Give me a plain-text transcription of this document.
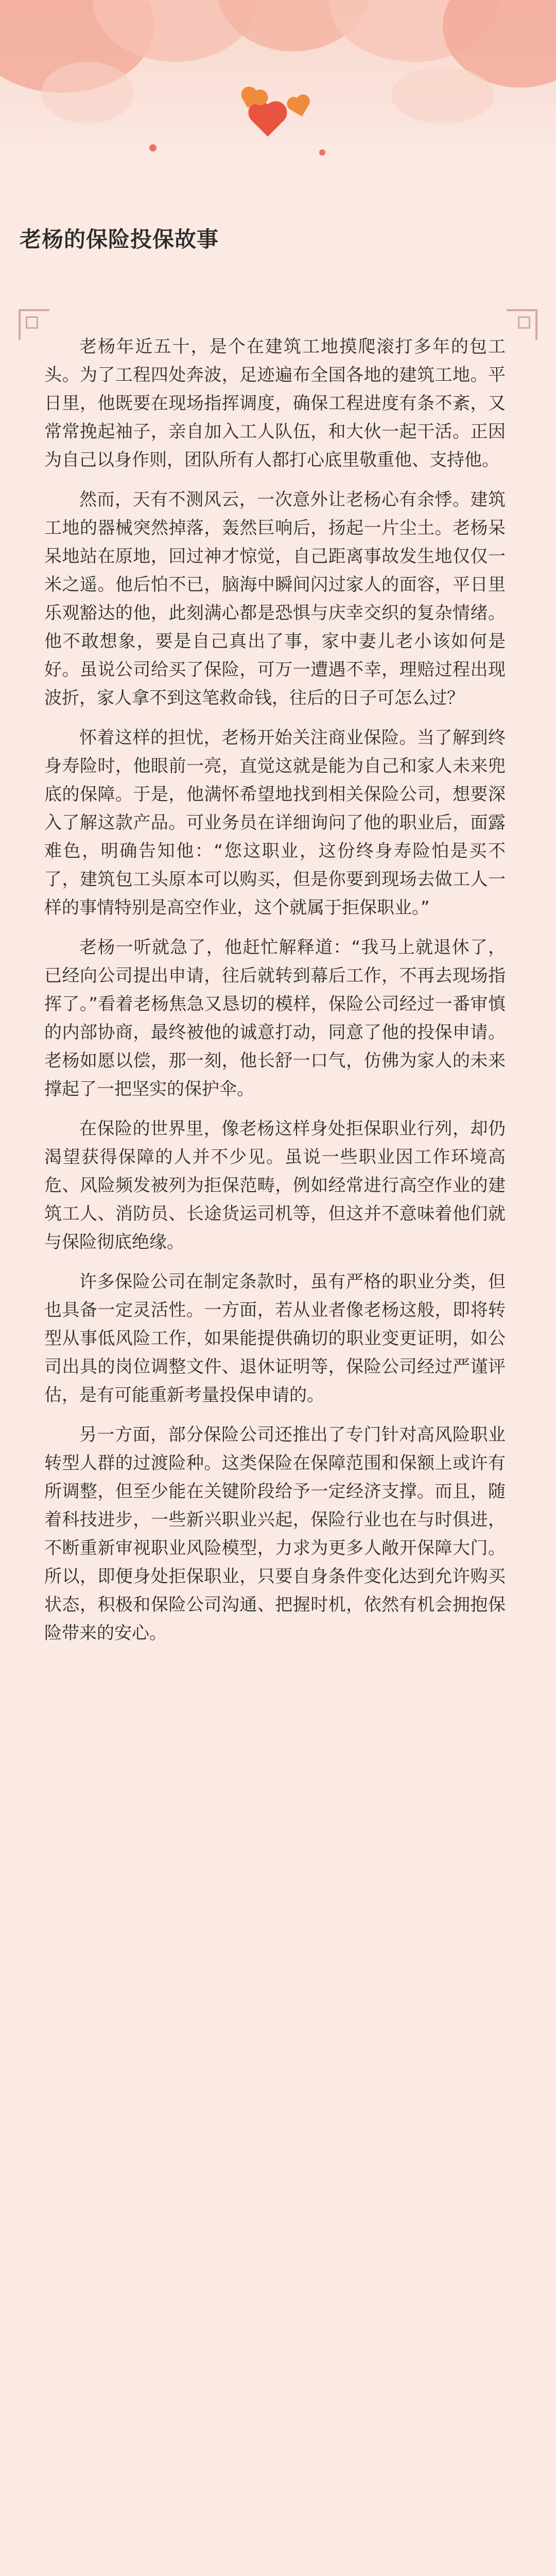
老杨的保险投保故事

老杨年近五十，是个在建筑工地摸爬滚打多年的包工头。为了工程四处奔波，足迹遍布全国各地的建筑工地。平日里，他既要在现场指挥调度，确保工程进度有条不紊，又常常挽起袖子，亲自加入工人队伍，和大伙一起干活。正因为自己以身作则，团队所有人都打心底里敬重他、支持他。

然而，天有不测风云，一次意外让老杨心有余悸。建筑工地的器械突然掉落，轰然巨响后，扬起一片尘土。老杨呆呆地站在原地，回过神才惊觉，自己距离事故发生地仅仅一米之遥。他后怕不已，脑海中瞬间闪过家人的面容，平日里乐观豁达的他，此刻满心都是恐惧与庆幸交织的复杂情绪。他不敢想象，要是自己真出了事，家中妻儿老小该如何是好。虽说公司给买了保险，可万一遭遇不幸，理赔过程出现波折，家人拿不到这笔救命钱，往后的日子可怎么过？

怀着这样的担忧，老杨开始关注商业保险。当了解到终身寿险时，他眼前一亮，直觉这就是能为自己和家人未来兜底的保障。于是，他满怀希望地找到相关保险公司，想要深入了解这款产品。可业务员在详细询问了他的职业后，面露难色，明确告知他：“您这职业，这份终身寿险怕是买不了，建筑包工头原本可以购买，但是你要到现场去做工人一样的事情特别是高空作业，这个就属于拒保职业。”

老杨一听就急了，他赶忙解释道：“我马上就退休了，已经向公司提出申请，往后就转到幕后工作，不再去现场指挥了。”看着老杨焦急又恳切的模样，保险公司经过一番审慎的内部协商，最终被他的诚意打动，同意了他的投保申请。老杨如愿以偿，那一刻，他长舒一口气，仿佛为家人的未来撑起了一把坚实的保护伞。

在保险的世界里，像老杨这样身处拒保职业行列，却仍渴望获得保障的人并不少见。虽说一些职业因工作环境高危、风险频发被列为拒保范畴，例如经常进行高空作业的建筑工人、消防员、长途货运司机等，但这并不意味着他们就与保险彻底绝缘。

许多保险公司在制定条款时，虽有严格的职业分类，但也具备一定灵活性。一方面，若从业者像老杨这般，即将转型从事低风险工作，如果能提供确切的职业变更证明，如公司出具的岗位调整文件、退休证明等，保险公司经过严谨评估，是有可能重新考量投保申请的。

另一方面，部分保险公司还推出了专门针对高风险职业转型人群的过渡险种。这类保险在保障范围和保额上或许有所调整，但至少能在关键阶段给予一定经济支撑。而且，随着科技进步，一些新兴职业兴起，保险行业也在与时俱进，不断重新审视职业风险模型，力求为更多人敞开保障大门。所以，即便身处拒保职业，只要自身条件变化达到允许购买状态，积极和保险公司沟通、把握时机，依然有机会拥抱保险带来的安心。
